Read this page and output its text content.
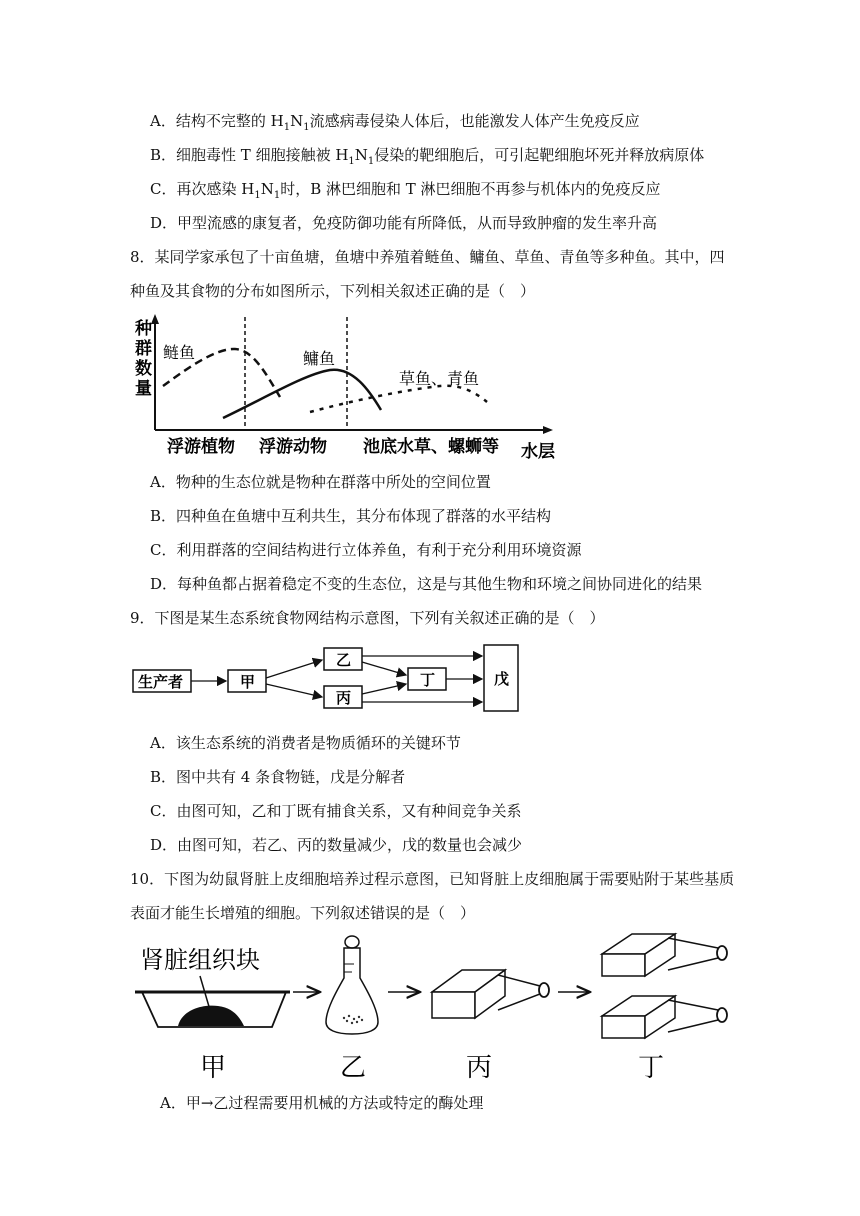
A．结构不完整的 $H_1N_1$流感病毒侵染人体后，也能激发人体产生免疫反应
B．细胞毒性 T 细胞接触被 $H_1N_1$侵染的靶细胞后，可引起靶细胞坏死并释放病原体
C．再次感染 $H_1N_1$时，B 淋巴细胞和 T 淋巴细胞不再参与机体内的免疫反应
D．甲型流感的康复者，免疫防御功能有所降低，从而导致肿瘤的发生率升高
8．某同学家承包了十亩鱼塘，鱼塘中养殖着鲢鱼、鳙鱼、草鱼、青鱼等多种鱼。其中，四
种鱼及其食物的分布如图所示，下列相关叙述正确的是（　）
种
群
数
量
水层
浮游植物 浮游动物 池底水草、螺蛳等
鲢鱼	鳙鱼
草鱼、青鱼
A．物种的生态位就是物种在群落中所处的空间位置
B．四种鱼在鱼塘中互利共生，其分布体现了群落的水平结构
C．利用群落的空间结构进行立体养鱼，有利于充分利用环境资源
D．每种鱼都占据着稳定不变的生态位，这是与其他生物和环境之间协同进化的结果
9．下图是某生态系统食物网结构示意图，下列有关叙述正确的是（　）
生产者	甲
乙
丙
丁	戊
A．该生态系统的消费者是物质循环的关键环节
B．图中共有 4 条食物链，戊是分解者
C．由图可知，乙和丁既有捕食关系，又有种间竞争关系
D．由图可知，若乙、丙的数量减少，戊的数量也会减少
10．下图为幼鼠肾脏上皮细胞培养过程示意图，已知肾脏上皮细胞属于需要贴附于某些基质
表面才能生长增殖的细胞。下列叙述错误的是（　）
肾脏组织块
甲	乙	丙	丁
A．甲→乙过程需要用机械的方法或特定的酶处理
